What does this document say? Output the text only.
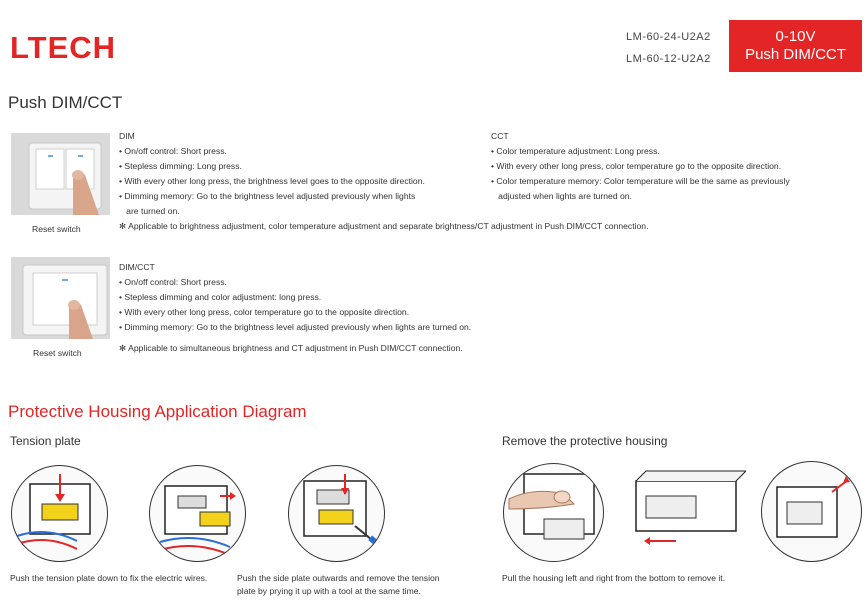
LTECH	LM-60-24-U2A2
LM-60-12-U2A2
0-10V
Push DIM/CCT
Push DIM/CCT
Reset switch
DIM
• On/off control: Short press.
• Stepless dimming: Long press.
• With every other long press, the brightness level goes to the opposite direction.
• Dimming memory: Go to the brightness level adjusted previously when lights
are turned on.
✻ Applicable to brightness adjustment, color temperature adjustment and separate brightness/CT adjustment in Push DIM/CCT connection.
CCT
• Color temperature adjustment: Long press.
• With every other long press, color temperature go to the opposite direction.
• Color temperature memory: Color temperature will be the same as previously
adjusted when lights are turned on.
Reset switch
DIM/CCT
• On/off control: Short press.
• Stepless dimming and color adjustment: long press.
• With every other long press, color temperature go to the opposite direction.
• Dimming memory: Go to the brightness level adjusted previously when lights are turned on.
✻ Applicable to simultaneous brightness and CT adjustment in Push DIM/CCT connection.
Protective Housing Application Diagram
Tension plate	Remove the protective housing
Push the tension plate down to fix the electric wires.	Push the side plate outwards and remove the tension
plate by prying it up with a tool at the same time.
Pull the housing left and right from the bottom to remove it.
